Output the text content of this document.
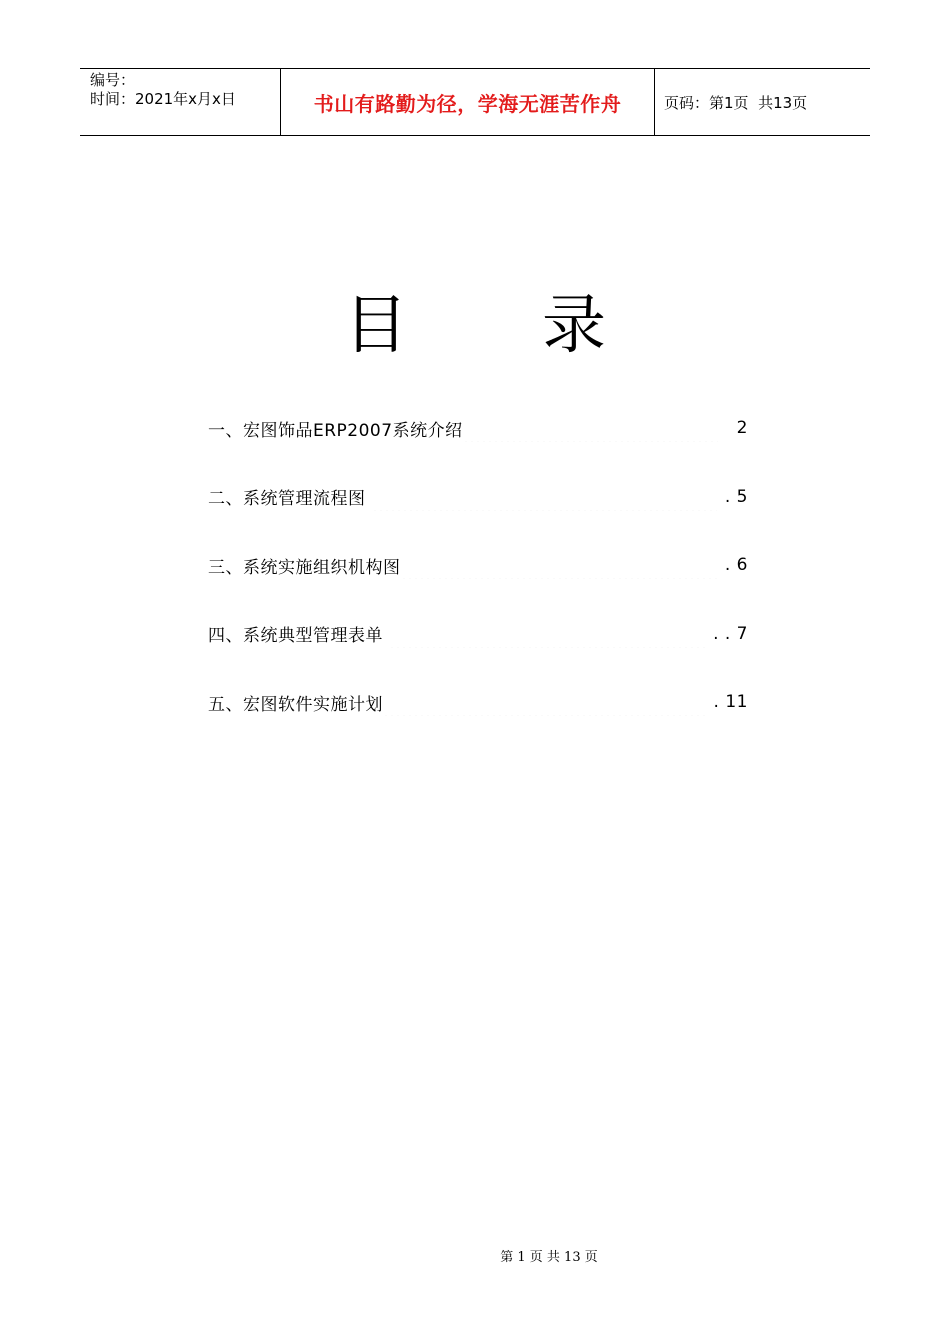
编号：
时间：2021年x月x日	书山有路勤为径，学海无涯苦作舟	页码：第1页  共13页
目 录
一、宏图饰品ERP2007系统介绍	2
二、系统管理流程图	. 5
三、系统实施组织机构图	. 6
四、系统典型管理表单	. . 7
五、宏图软件实施计划	. 11
第 1 页 共 13 页
